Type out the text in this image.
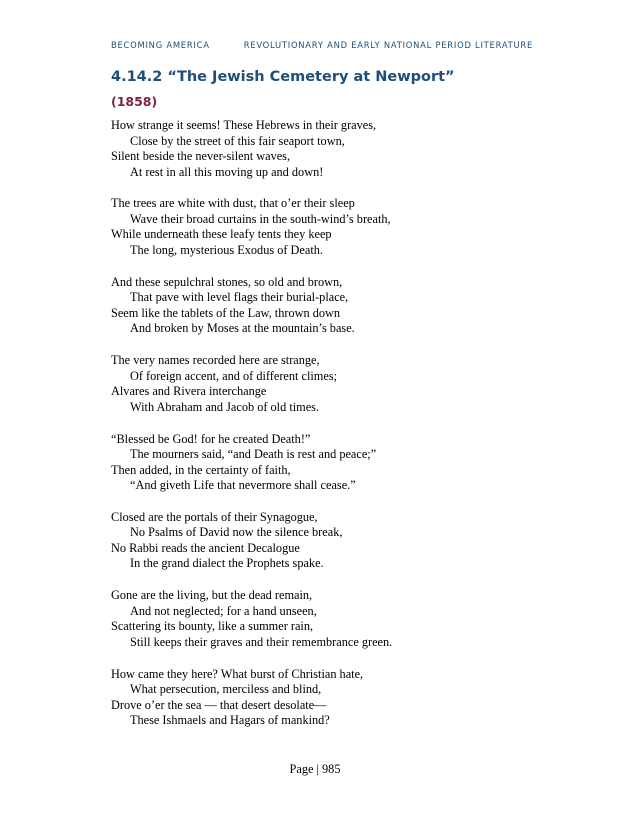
BECOMING AMERICA	REVOLUTIONARY AND EARLY NATIONAL PERIOD LITERATURE
4.14.2 “The Jewish Cemetery at Newport”
(1858)
How strange it seems! These Hebrews in their graves,
Close by the street of this fair seaport town,
Silent beside the never-silent waves,
At rest in all this moving up and down!
The trees are white with dust, that o’er their sleep
Wave their broad curtains in the south-wind’s breath,
While underneath these leafy tents they keep
The long, mysterious Exodus of Death.
And these sepulchral stones, so old and brown,
That pave with level flags their burial-place,
Seem like the tablets of the Law, thrown down
And broken by Moses at the mountain’s base.
The very names recorded here are strange,
Of foreign accent, and of different climes;
Alvares and Rivera interchange
With Abraham and Jacob of old times.
“Blessed be God! for he created Death!”
The mourners said, “and Death is rest and peace;”
Then added, in the certainty of faith,
“And giveth Life that nevermore shall cease.”
Closed are the portals of their Synagogue,
No Psalms of David now the silence break,
No Rabbi reads the ancient Decalogue
In the grand dialect the Prophets spake.
Gone are the living, but the dead remain,
And not neglected; for a hand unseen,
Scattering its bounty, like a summer rain,
Still keeps their graves and their remembrance green.
How came they here? What burst of Christian hate,
What persecution, merciless and blind,
Drove o’er the sea — that desert desolate—
These Ishmaels and Hagars of mankind?
Page | 985
